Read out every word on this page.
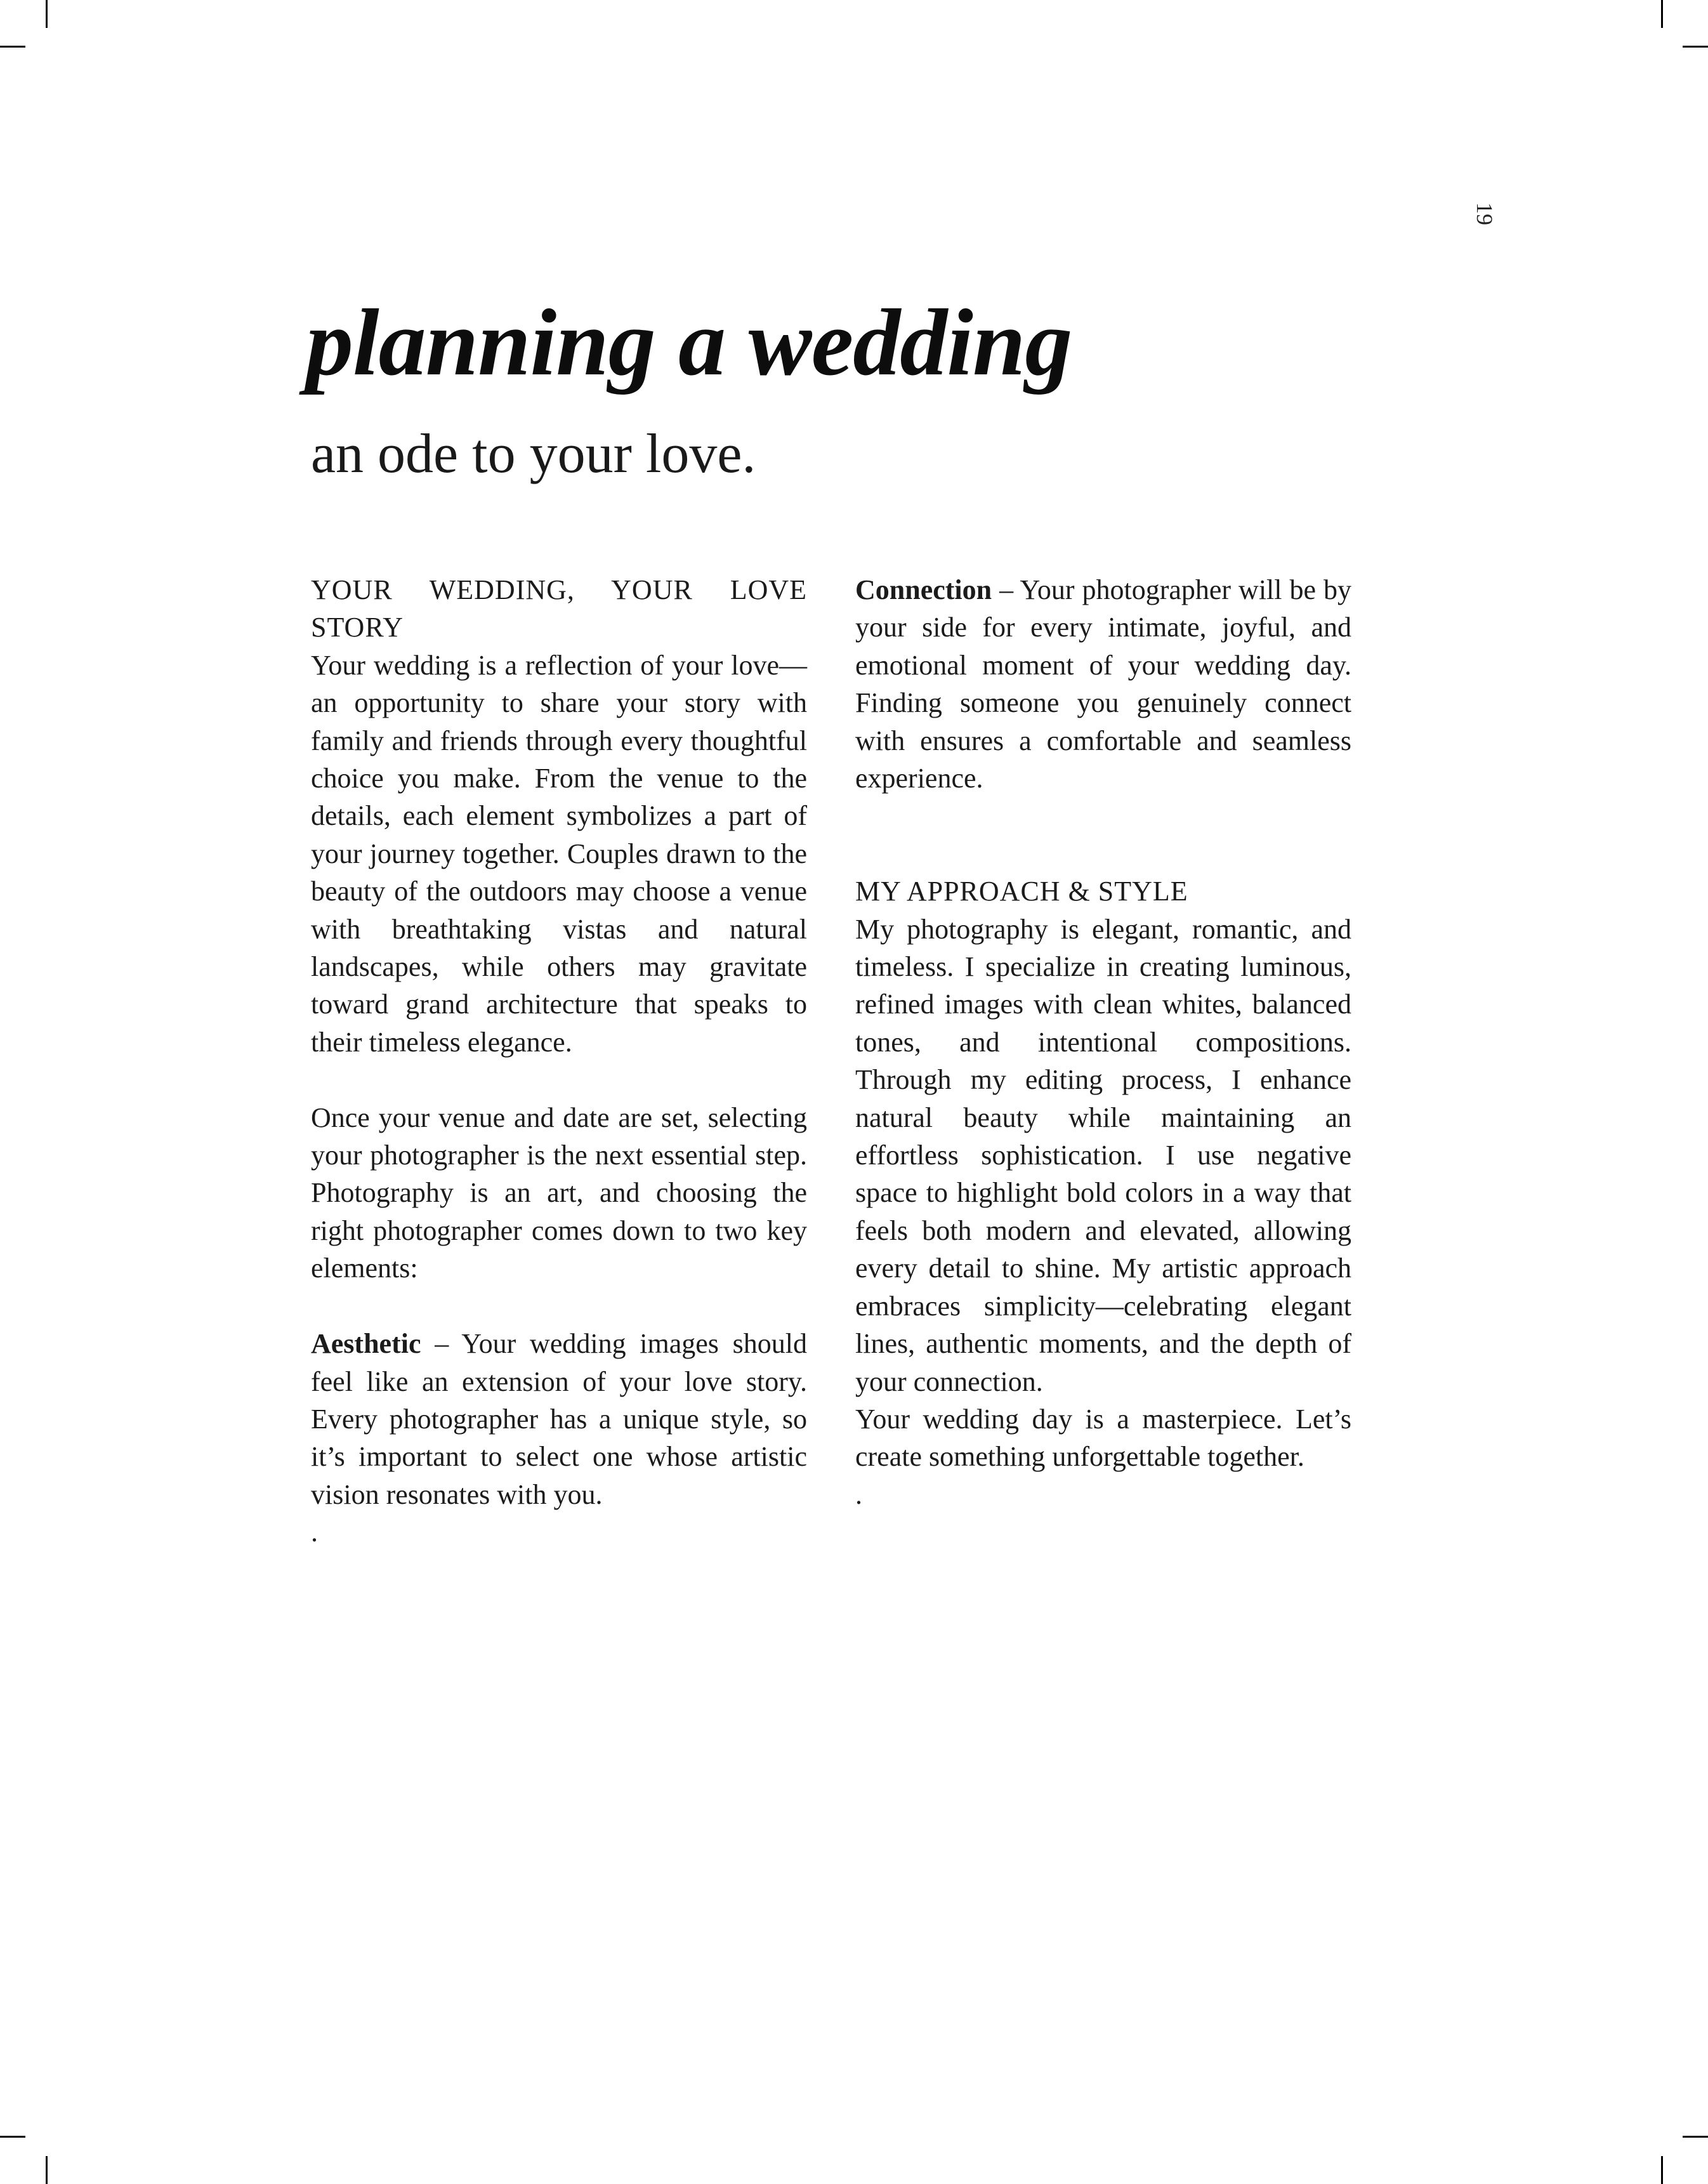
19
planning a wedding
an ode to your love.

YOUR WEDDING, YOUR LOVE STORY

Your wedding is a reflection of your love—an opportunity to share your story with family and friends through every thoughtful choice you make. From the venue to the details, each element symbolizes a part of your journey together. Couples drawn to the beauty of the outdoors may choose a venue with breathtaking vistas and natural landscapes, while others may gravitate toward grand architecture that speaks to their timeless elegance.

Once your venue and date are set, selecting your photographer is the next essential step. Photography is an art, and choosing the right photographer comes down to two key elements:

Aesthetic – Your wedding images should feel like an extension of your love story. Every photographer has a unique style, so it’s important to select one whose artistic vision resonates with you.

.

Connection – Your photographer will be by your side for every intimate, joyful, and emotional moment of your wedding day. Finding someone you genuinely connect with ensures a comfortable and seamless experience.

MY APPROACH & STYLE

My photography is elegant, romantic, and timeless. I specialize in creating luminous, refined images with clean whites, balanced tones, and intentional compositions. Through my editing process, I enhance natural beauty while maintaining an effortless sophistication. I use negative space to highlight bold colors in a way that feels both modern and elevated, allowing every detail to shine. My artistic approach embraces simplicity—celebrating elegant lines, authentic moments, and the depth of your connection.

Your wedding day is a masterpiece. Let’s create something unforgettable together.

.
